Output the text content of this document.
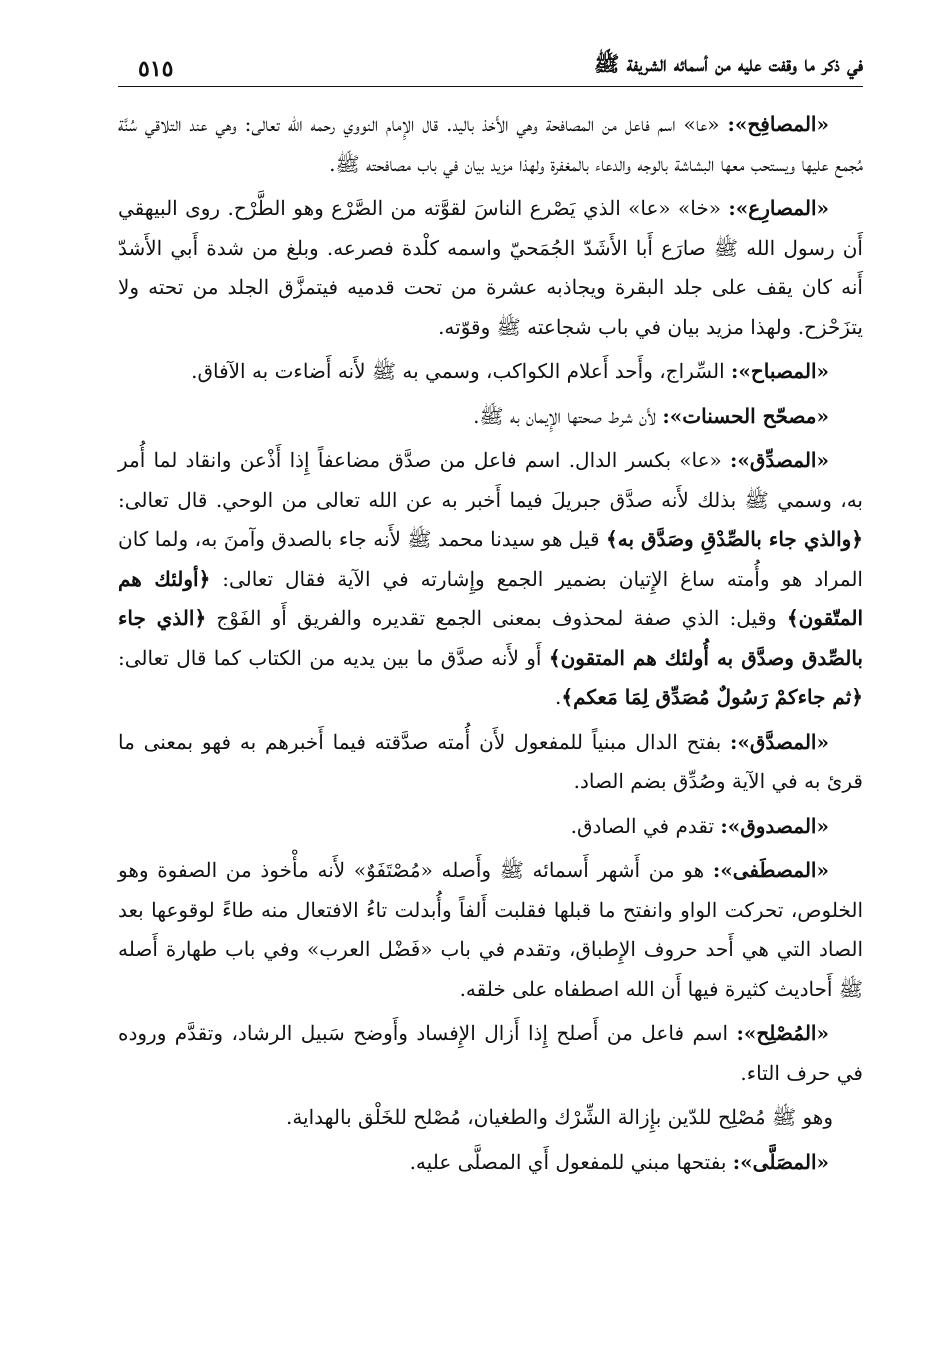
في ذكر ما وقفت عليه من أسمائه الشريفة ﷺ
٥١٥

«المصافِح»: «عا» اسم فاعل من المصافحة وهي الأَخذ باليد. قال الإِمام النووي رحمه الله تعالى: وهي عند التلاقي سُنَّة مُجمع عليها ويستحب معها البشاشة بالوجه والدعاء بالمغفرة ولهذا مزيد بيان في باب مصافحته ﷺ.

«المصارِع»: «خا» «عا» الذي يَصْرع الناسَ لقوَّته من الصَّرْع وهو الطَّرْح. روى البيهقي أَن رسول الله ﷺ صارَع أَبا الأَشَدّ الجُمَحيّ واسمه كلْدة فصرعه. وبلغ من شدة أَبي الأَشدّ أَنه كان يقف على جلد البقرة ويجاذبه عشرة من تحت قدميه فيتمزَّق الجلد من تحته ولا يتزَحْزح. ولهذا مزيد بيان في باب شجاعته ﷺ وقوّته.

«المصباح»: السِّراج، وأَحد أَعلام الكواكب، وسمي به ﷺ لأَنه أَضاءت به الآفاق.

«مصحّح الحسنات»: لأَن شرط صحتها الإِيمان به ﷺ.

«المصدِّق»: «عا» بكسر الدال. اسم فاعل من صدَّق مضاعفاً إِذا أَذْعن وانقاد لما أُمر به، وسمي ﷺ بذلك لأَنه صدَّق جبريلَ فيما أَخبر به عن الله تعالى من الوحي. قال تعالى: ﴿والذي جاء بالصِّدْقِ وصَدَّق به﴾ قيل هو سيدنا محمد ﷺ لأَنه جاء بالصدق وآمنَ به، ولما كان المراد هو وأُمته ساغ الإِتيان بضمير الجمع وإِشارته في الآية فقال تعالى: ﴿أولئك هم المتّقون﴾ وقيل: الذي صفة لمحذوف بمعنى الجمع تقديره والفريق أَو الفَوْج ﴿الذي جاء بالصِّدق وصدَّق به أُولئك هم المتقون﴾ أَو لأَنه صدَّق ما بين يديه من الكتاب كما قال تعالى: ﴿ثم جاءكمْ رَسُولٌ مُصَدِّق لِمَا مَعكم﴾.

«المصدَّق»: بفتح الدال مبنياً للمفعول لأَن أُمته صدَّقته فيما أَخبرهم به فهو بمعنى ما قرئ به في الآية وصُدِّق بضم الصاد.

«المصدوق»: تقدم في الصادق.

«المصطَفى»: هو من أَشهر أَسمائه ﷺ وأَصله «مُصْتَفَوٌ» لأَنه مأْخوذ من الصفوة وهو الخلوص، تحركت الواو وانفتح ما قبلها فقلبت أَلفاً وأُبدلت تاءُ الافتعال منه طاءً لوقوعها بعد الصاد التي هي أَحد حروف الإِطباق، وتقدم في باب «فَضْل العرب» وفي باب طهارة أَصله ﷺ أَحاديث كثيرة فيها أَن الله اصطفاه على خلقه.

«المُصْلِح»: اسم فاعل من أَصلح إِذا أَزال الإِفساد وأَوضح سَبيل الرشاد، وتقدَّم وروده في حرف التاء.

وهو ﷺ مُصْلِح للدّين بإِزالة الشِّرْك والطغيان، مُصْلح للخَلْق بالهداية.

«المصَلَّى»: بفتحها مبني للمفعول أَي المصلَّى عليه.
